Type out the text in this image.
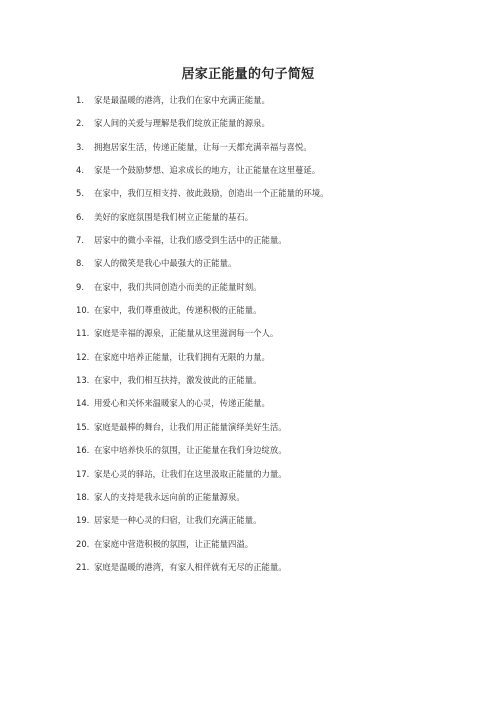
居家正能量的句子简短
1.	家是最温暖的港湾，让我们在家中充满正能量。
2.	家人间的关爱与理解是我们绽放正能量的源泉。
3.	拥抱居家生活，传递正能量，让每一天都充满幸福与喜悦。
4.	家是一个鼓励梦想、追求成长的地方，让正能量在这里蔓延。
5.	在家中，我们互相支持、彼此鼓励，创造出一个正能量的环境。
6.	美好的家庭氛围是我们树立正能量的基石。
7.	居家中的微小幸福，让我们感受到生活中的正能量。
8.	家人的微笑是我心中最强大的正能量。
9.	在家中，我们共同创造小而美的正能量时刻。
10. 在家中，我们尊重彼此，传递积极的正能量。
11. 家庭是幸福的源泉，正能量从这里滋润每一个人。
12. 在家庭中培养正能量，让我们拥有无限的力量。
13. 在家中，我们相互扶持，激发彼此的正能量。
14. 用爱心和关怀来温暖家人的心灵，传递正能量。
15. 家庭是最棒的舞台，让我们用正能量演绎美好生活。
16. 在家中培养快乐的氛围，让正能量在我们身边绽放。
17. 家是心灵的驿站，让我们在这里汲取正能量的力量。
18. 家人的支持是我永远向前的正能量源泉。
19. 居家是一种心灵的归宿，让我们充满正能量。
20. 在家庭中营造积极的氛围，让正能量四溢。
21. 家庭是温暖的港湾，有家人相伴就有无尽的正能量。
